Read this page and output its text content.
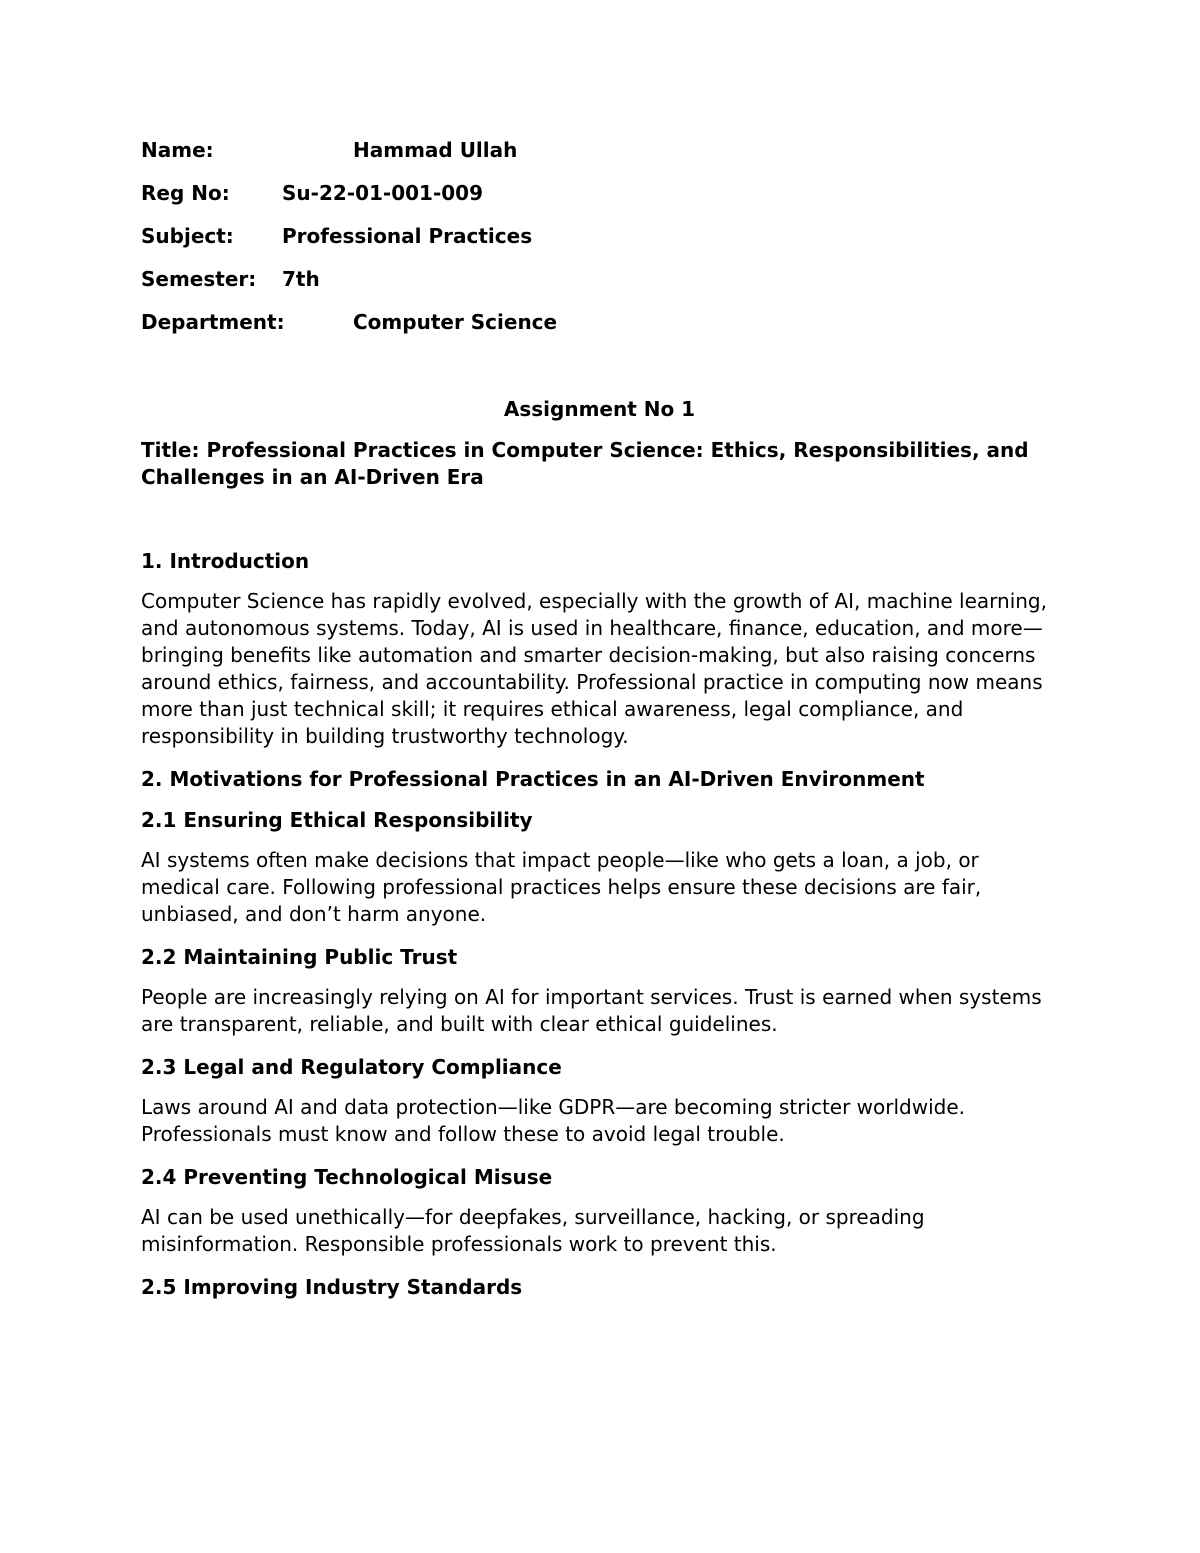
Name:	Hammad Ullah
Reg No:	Su-22-01-001-009
Subject: Professional Practices
Semester: 7th
Department:	Computer Science
Assignment No 1
Title: Professional Practices in Computer Science: Ethics, Responsibilities, and Challenges in an AI-Driven Era
1. Introduction
Computer Science has rapidly evolved, especially with the growth of AI, machine learning, and autonomous systems. Today, AI is used in healthcare, finance, education, and more—bringing benefits like automation and smarter decision-making, but also raising concerns around ethics, fairness, and accountability. Professional practice in computing now means more than just technical skill; it requires ethical awareness, legal compliance, and responsibility in building trustworthy technology.
2. Motivations for Professional Practices in an AI-Driven Environment
2.1 Ensuring Ethical Responsibility
AI systems often make decisions that impact people—like who gets a loan, a job, or medical care. Following professional practices helps ensure these decisions are fair, unbiased, and don’t harm anyone.
2.2 Maintaining Public Trust
People are increasingly relying on AI for important services. Trust is earned when systems are transparent, reliable, and built with clear ethical guidelines.
2.3 Legal and Regulatory Compliance
Laws around AI and data protection—like GDPR—are becoming stricter worldwide. Professionals must know and follow these to avoid legal trouble.
2.4 Preventing Technological Misuse
AI can be used unethically—for deepfakes, surveillance, hacking, or spreading misinformation. Responsible professionals work to prevent this.
2.5 Improving Industry Standards
